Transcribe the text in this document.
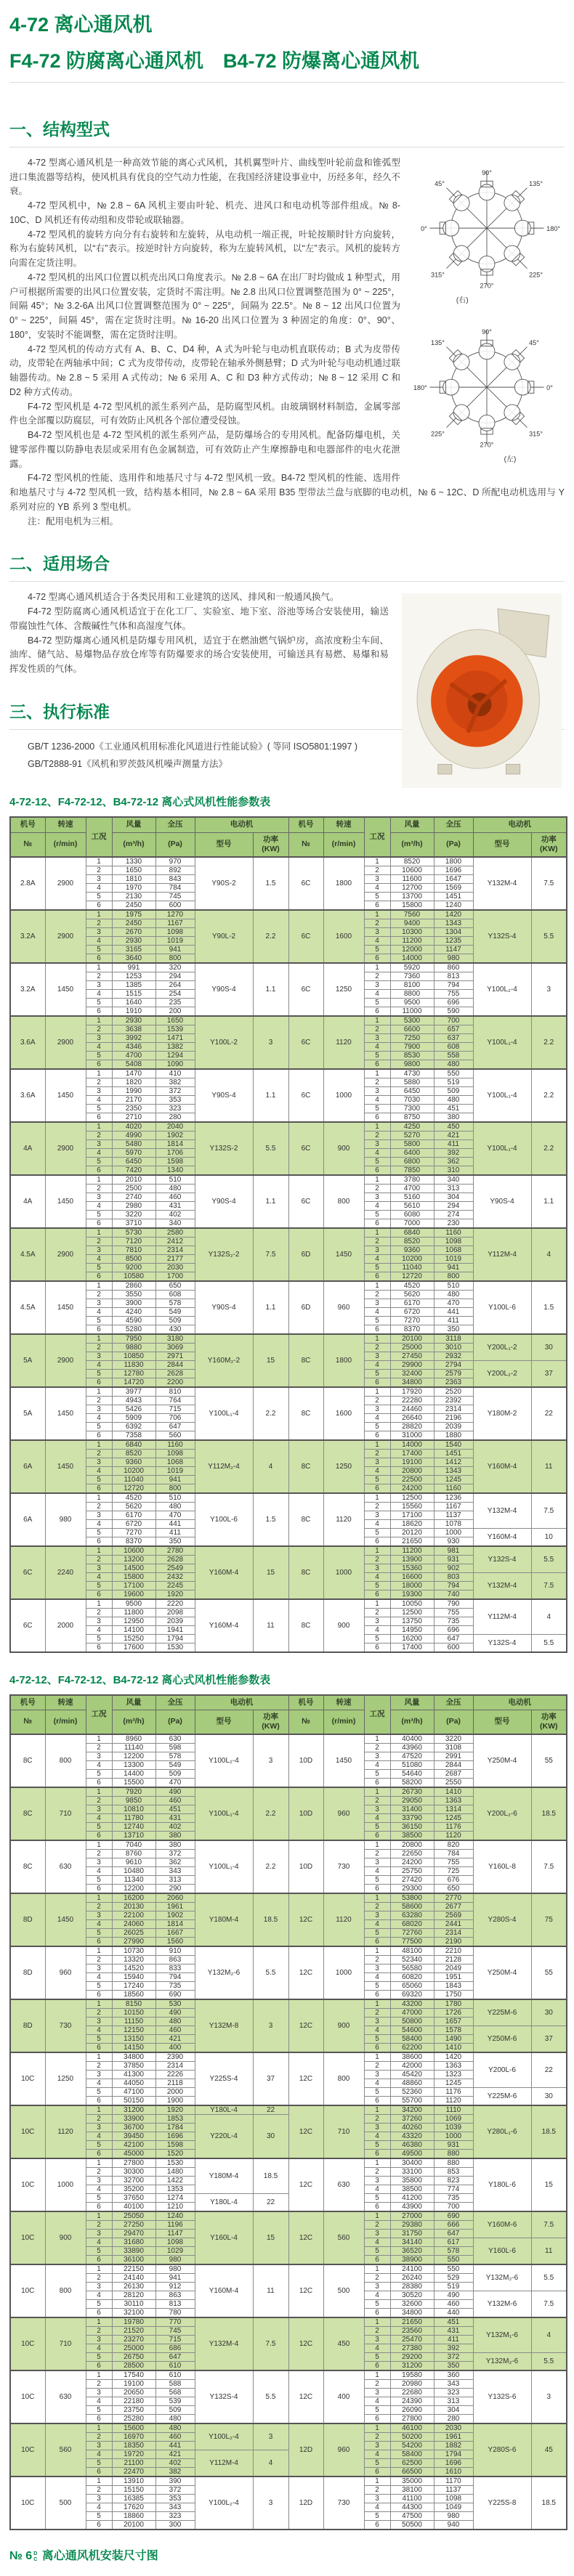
4-72 离心通风机
F4-72 防腐离心通风机　B4-72 防爆离心通风机
一、结构型式
180°
135°
90°
45°
0°
315°
270°
225°
(右)
0°
45°
90°
135°
180°
225°
270°
315°
(左)

4-72 型离心通风机是一种高效节能的离心式风机，其机翼型叶片、曲线型叶轮前盘和锥弧型进口集流器等结构，使风机具有优良的空气动力性能，在我国经济建设事业中，历经多年，经久不衰。

4-72 型风机中，№ 2.8 ~ 6A 风机主要由叶轮、机壳、进风口和电动机等部件组成。№ 8-10C、D 风机还有传动组和皮带轮或联轴器。

4-72 型风机的旋转方向分有右旋转和左旋转，从电动机一端正视，叶轮按顺时针方向旋转，称为右旋转风机，以“右”表示。按逆时针方向旋转，称为左旋转风机，以“左”表示。风机的旋转方向需在定货注明。

4-72 型风机的出风口位置以机壳出风口角度表示。№ 2.8 ~ 6A 在出厂时均做成 1 种型式，用户可根据所需要的出风口位置安装，定货时不需注明。№ 2.8 出风口位置调整范围为 0° ~ 225°，间隔 45°；№ 3.2-6A 出风口位置调整范围为 0° ~ 225°，间隔为 22.5°。№ 8 ~ 12 出风口位置为 0° ~ 225°，间隔 45°，需在定货时注明。№ 16-20 出风口位置为 3 种固定的角度：0°、90°、180°，安装时不能调整，需在定货时注明。

4-72 型风机的传动方式有 A、B、C、D4 种，A 式为叶轮与电动机直联传动；B 式为皮带传动，皮带轮在两轴承中间；C 式为皮带传动，皮带轮在轴承外侧悬臂；D 式为叶轮与电动机通过联轴器传动。№ 2.8 ~ 5 采用 A 式传动；№ 6 采用 A、C 和 D3 种方式传动；№ 8 ~ 12 采用 C 和 D2 种方式传动。

F4-72 型风机是 4-72 型风机的派生系列产品，是防腐型风机。由玻璃钢材料制造，金属零部件也全部覆以防腐层，可有效防止风机各个部位遭受侵蚀。

B4-72 型风机也是 4-72 型风机的派生系列产品，是防爆场合的专用风机。配备防爆电机，关键零部件覆以防静电表层或采用有色金属制造，可有效防止产生摩擦静电和电器部件的电火花泄露。

F4-72 型风机的性能、选用件和地基尺寸与 4-72 型风机一致。B4-72 型风机的性能、选用件和地基尺寸与 4-72 型风机一致，结构基本相同，№ 2.8 ~ 6A 采用 B35 型带法兰盘与底脚的电动机，№ 6 ~ 12C、D 所配电动机选用与 Y 系列对应的 YB 系列 3 型电机。

注：配用电机为三相。

二、适用场合

4-72 型离心通风机适合于各类民用和工业建筑的送风、排风和一般通风换气。

F4-72 型防腐离心通风机适宜于在化工厂、实验室、地下室、浴池等场合安装使用，输送带腐蚀性气体、含酸碱性气体和高湿度气体。

B4-72 型防爆离心通风机是防爆专用风机，适宜于在燃油燃气锅炉房，高浓度粉尘车间、油库、储气站、易爆物品存放仓库等有防爆要求的场合安装使用，可输送具有易燃、易爆和易挥发性质的气体。

三、执行标准

GB/T 1236-2000《工业通风机用标准化风道进行性能试验》( 等同 ISO5801:1997 )

GB/T2888-91《风机和罗茨鼓风机噪声测量方法》

4-72-12、F4-72-12、B4-72-12 离心式风机性能参数表
机号	转速	工况	风量	全压	电动机		机号	转速	工况	风量	全压	电动机	
№	(r/min)		(m³/h)	(Pa)	型号	功率 (KW)	№	(r/min)		(m³/h)	(Pa)	型号	功率 (KW)
2.8A	2900	1	1330	970	Y90S-2	1.5	6C	1800	1	8520	1800	Y132M-4	7.5
		2	1650	892					2	10600	1696		
		3	1810	843					3	11600	1647		
		4	1970	784					4	12700	1569		
		5	2130	745					5	13700	1451		
		6	2450	600					6	15800	1240		
3.2A	2900	1	1975	1270	Y90L-2	2.2	6C	1600	1	7560	1420	Y132S-4	5.5
		2	2450	1167					2	9400	1343		
		3	2670	1098					3	10300	1304		
		4	2930	1019					4	11200	1235		
		5	3165	941					5	12000	1147		
		6	3640	800					6	14000	980		
3.2A	1450	1	991	320	Y90S-4	1.1	6C	1250	1	5920	860	Y100L₂-4	3
		2	1253	294					2	7360	813		
		3	1385	264					3	8100	794		
		4	1515	254					4	8800	755		
		5	1640	235					5	9500	696		
		6	1910	200					6	11000	590		
3.6A	2900	1	2930	1650	Y100L-2	3	6C	1120	1	5300	700	Y100L₁-4	2.2
		2	3638	1539					2	6600	657		
		3	3992	1471					3	7250	637		
		4	4346	1382					4	7900	608		
		5	4700	1294					5	8530	558		
		6	5408	1090					6	9800	480		
3.6A	1450	1	1470	410	Y90S-4	1.1	6C	1000	1	4730	550	Y100L₁-4	2.2
		2	1820	382					2	5880	519		
		3	1990	372					3	6450	509		
		4	2170	353					4	7030	480		
		5	2350	323					5	7300	451		
		6	2710	280					6	8750	380		
4A	2900	1	4020	2040	Y132S-2	5.5	6C	900	1	4250	450	Y100L₁-4	2.2
		2	4990	1902					2	5270	421		
		3	5480	1814					3	5800	411		
		4	5970	1706					4	6400	392		
		5	6450	1598					5	6800	362		
		6	7420	1340					6	7850	310		
4A	1450	1	2010	510	Y90S-4	1.1	6C	800	1	3780	340	Y90S-4	1.1
		2	2500	480					2	4700	313		
		3	2740	460					3	5160	304		
		4	2980	431					4	5610	294		
		5	3220	402					5	6080	274		
		6	3710	340					6	7000	230		
4.5A	2900	1	5730	2580	Y132S₂-2	7.5	6D	1450	1	6840	1160	Y112M-4	4
		2	7120	2412					2	8520	1098		
		3	7810	2314					3	9360	1068		
		4	8500	2177					4	10200	1019		
		5	9200	2030					5	11040	941		
		6	10580	1700					6	12720	800		
4.5A	1450	1	2860	650	Y90S-4	1.1	6D	960	1	4520	510	Y100L-6	1.5
		2	3550	608					2	5620	480		
		3	3900	578					3	6170	470		
		4	4240	549					4	6720	441		
		5	4590	509					5	7270	411		
		6	5280	430					6	8370	350		
5A	2900	1	7950	3180	Y160M₂-2	15	8C	1800	1	20100	3118	Y200L₁-2	30
		2	9880	3069					2	25000	3010		
		3	10850	2971					3	27450	2932		
		4	11830	2844					4	29900	2794	Y200L₂-2	37
		5	12780	2628					5	32400	2579		
		6	14720	2200					6	34800	2363		
5A	1450	1	3977	810	Y100L₁-4	2.2	8C	1600	1	17920	2520	Y180M-2	22
		2	4943	764					2	22280	2392		
		3	5426	715					3	24460	2314		
		4	5909	706					4	26640	2196		
		5	6392	647					5	28820	2039		
		6	7358	560					6	31000	1880		
6A	1450	1	6840	1160	Y112M₂-4	4	8C	1250	1	14000	1540	Y160M-4	11
		2	8520	1098					2	17400	1451		
		3	9360	1068					3	19100	1412		
		4	10200	1019					4	20800	1343		
		5	11040	941					5	22500	1245		
		6	12720	800					6	24200	1160		
6A	980	1	4520	510	Y100L-6	1.5	8C	1120	1	12500	1236	Y132M-4	7.5
		2	5620	480					2	15560	1167		
		3	6170	470					3	17100	1137		
		4	6720	441					4	18620	1078		
		5	7270	411					5	20120	1000	Y160M-4	10
		6	8370	350					6	21650	930		
6C	2240	1	10600	2780	Y160M-4	15	8C	1000	1	11200	981	Y132S-4	5.5
		2	13200	2628					2	13900	931		
		3	14500	2549					3	15360	902		
		4	15800	2432					4	16600	803	Y132M-4	7.5
		5	17100	2245					5	18000	794		
		6	19600	1920					6	19300	740		
6C	2000	1	9500	2220	Y160M-4	11	8C	900	1	10050	790	Y112M-4	4
		2	11800	2098					2	12500	755		
		3	12950	2039					3	13750	735		
		4	14100	1941					4	14950	696		
		5	15250	1794					5	16200	647	Y132S-4	5.5
		6	17600	1530					6	17400	600		
4-72-12、F4-72-12、B4-72-12 离心式风机性能参数表
机号	转速	工况	风量	全压	电动机		机号	转速	工况	风量	全压	电动机	
№	(r/min)		(m³/h)	(Pa)	型号	功率 (KW)	№	(r/min)		(m³/h)	(Pa)	型号	功率 (KW)
8C	800	1	8960	630	Y100L₂-4	3	10D	1450	1	40400	3220	Y250M-4	55
		2	11140	598					2	43960	3108		
		3	12200	578					3	47520	2991		
		4	13300	549					4	51080	2844		
		5	14400	509					5	54640	2687		
		6	15500	470					6	58200	2550		
8C	710	1	7920	490	Y100L₁-4	2.2	10D	960	1	26730	1410	Y200L₂-6	18.5
		2	9850	460					2	29050	1363		
		3	10810	451					3	31400	1314		
		4	11780	431					4	33790	1245		
		5	12740	402					5	36150	1176		
		6	13710	380					6	38500	1120		
8C	630	1	7040	380	Y100L₁-4	2.2	10D	730	1	20800	820	Y160L-8	7.5
		2	8760	372					2	22650	784		
		3	9610	362					3	24200	755		
		4	10480	343					4	25750	725		
		5	11340	313					5	27420	676		
		6	12200	290					6	29300	650		
8D	1450	1	16200	2060	Y180M-4	18.5	12C	1120	1	53800	2770	Y280S-4	75
		2	20130	1961					2	58600	2677		
		3	22100	1902					3	63280	2569		
		4	24060	1814					4	68020	2441		
		5	26025	1667					5	72760	2314		
		6	27990	1560					6	77500	2190		
8D	960	1	10730	910	Y132M₂-6	5.5	12C	1000	1	48100	2210	Y250M-4	55
		2	13320	863					2	52340	2128		
		3	14520	833					3	56580	2049		
		4	15940	794					4	60820	1951		
		5	17240	735					5	65060	1843		
		6	18560	690					6	69320	1750		
8D	730	1	8150	530	Y132M-8	3	12C	900	1	43200	1780	Y225M-6	30
		2	10150	490					2	47000	1726		
		3	11150	480					3	50800	1657		
		4	12150	460					4	54600	1578	Y250M-6	37
		5	13150	421					5	58400	1490		
		6	14150	400					6	62200	1410		
10C	1250	1	34800	2390	Y225S-4	37	12C	800	1	38600	1420	Y200L-6	22
		2	37850	2314					2	42000	1363		
		3	41300	2226					3	45420	1323		
		4	44050	2118					4	48860	1245		
		5	47100	2000					5	52360	1176	Y225M-6	30
		6	50150	1900					6	55700	1120		
10C	1120	1	31200	1920	Y180L-4	22	12C	710	1	34200	1110	Y280L₁-6	18.5
		2	33900	1853	Y220L-4	30			2	37260	1069		
		3	36700	1784					3	40260	1039		
		4	39450	1696					4	43320	1000		
		5	42100	1598					5	46380	931		
		6	45000	1520					6	49500	880		
10C	1000	1	27800	1530	Y180M-4	18.5	12C	630	1	30400	880	Y180L-6	15
		2	30300	1480					2	33100	853		
		3	32700	1422					3	35800	823		
		4	35200	1353					4	38500	774		
		5	37650	1274	Y180L-4	22			5	41200	735		
		6	40100	1210					6	43900	700		
10C	900	1	25050	1240	Y160L-4	15	12C	560	1	27000	690	Y160M-6	7.5
		2	27250	1196					2	29380	666		
		3	29470	1147					3	31750	647		
		4	31680	1098					4	34140	617	Y160L-6	11
		5	33890	1029					5	36520	578		
		6	36100	980					6	38900	550		
10C	800	1	22150	980	Y160M-4	11	12C	500	1	24100	550	Y132M₂-6	5.5
		2	24140	941					2	26240	529		
		3	26130	912					3	28380	519		
		4	28120	863					4	30520	490	Y132M-6	7.5
		5	30110	813					5	32600	460		
		6	32100	780					6	34800	440		
10C	710	1	19780	770	Y132M-4	7.5	12C	450	1	21650	451	Y132M₁-6	4
		2	21520	745					2	23560	431		
		3	23270	715					3	25470	411		
		4	25000	686					4	27380	392		
		5	26750	647					5	29200	372	Y132M₂-6	5.5
		6	28500	610					6	31200	350		
10C	630	1	17540	610	Y132S-4	5.5	12C	400	1	19580	360	Y132S-6	3
		2	19100	588					2	20980	343		
		3	20650	568					3	22680	323		
		4	22180	539					4	24390	313		
		5	23750	509					5	26090	304		
		6	25280	480					6	27800	280		
10C	560	1	15600	480	Y100L₂-4	3	12D	960	1	46100	2030	Y280S-6	45
		2	16970	460					2	50200	1961		
		3	18350	441					3	54200	1882		
		4	19720	421	Y112M-4	4			4	58400	1794		
		5	21100	402					5	62500	1696		
		6	22470	382					6	66500	1610		
10C	500	1	13910	390	Y100L₂-4	3	12D	730	1	35000	1170	Y225S-8	18.5
		2	15150	372					2	38100	1137		
		3	16385	353					3	41100	1098		
		4	17620	343					4	44300	1049		
		5	18860	323					5	47500	980		
		6	20100	300					6	50500	940		
№ 6 D
C 离心通风机安装尺寸图
